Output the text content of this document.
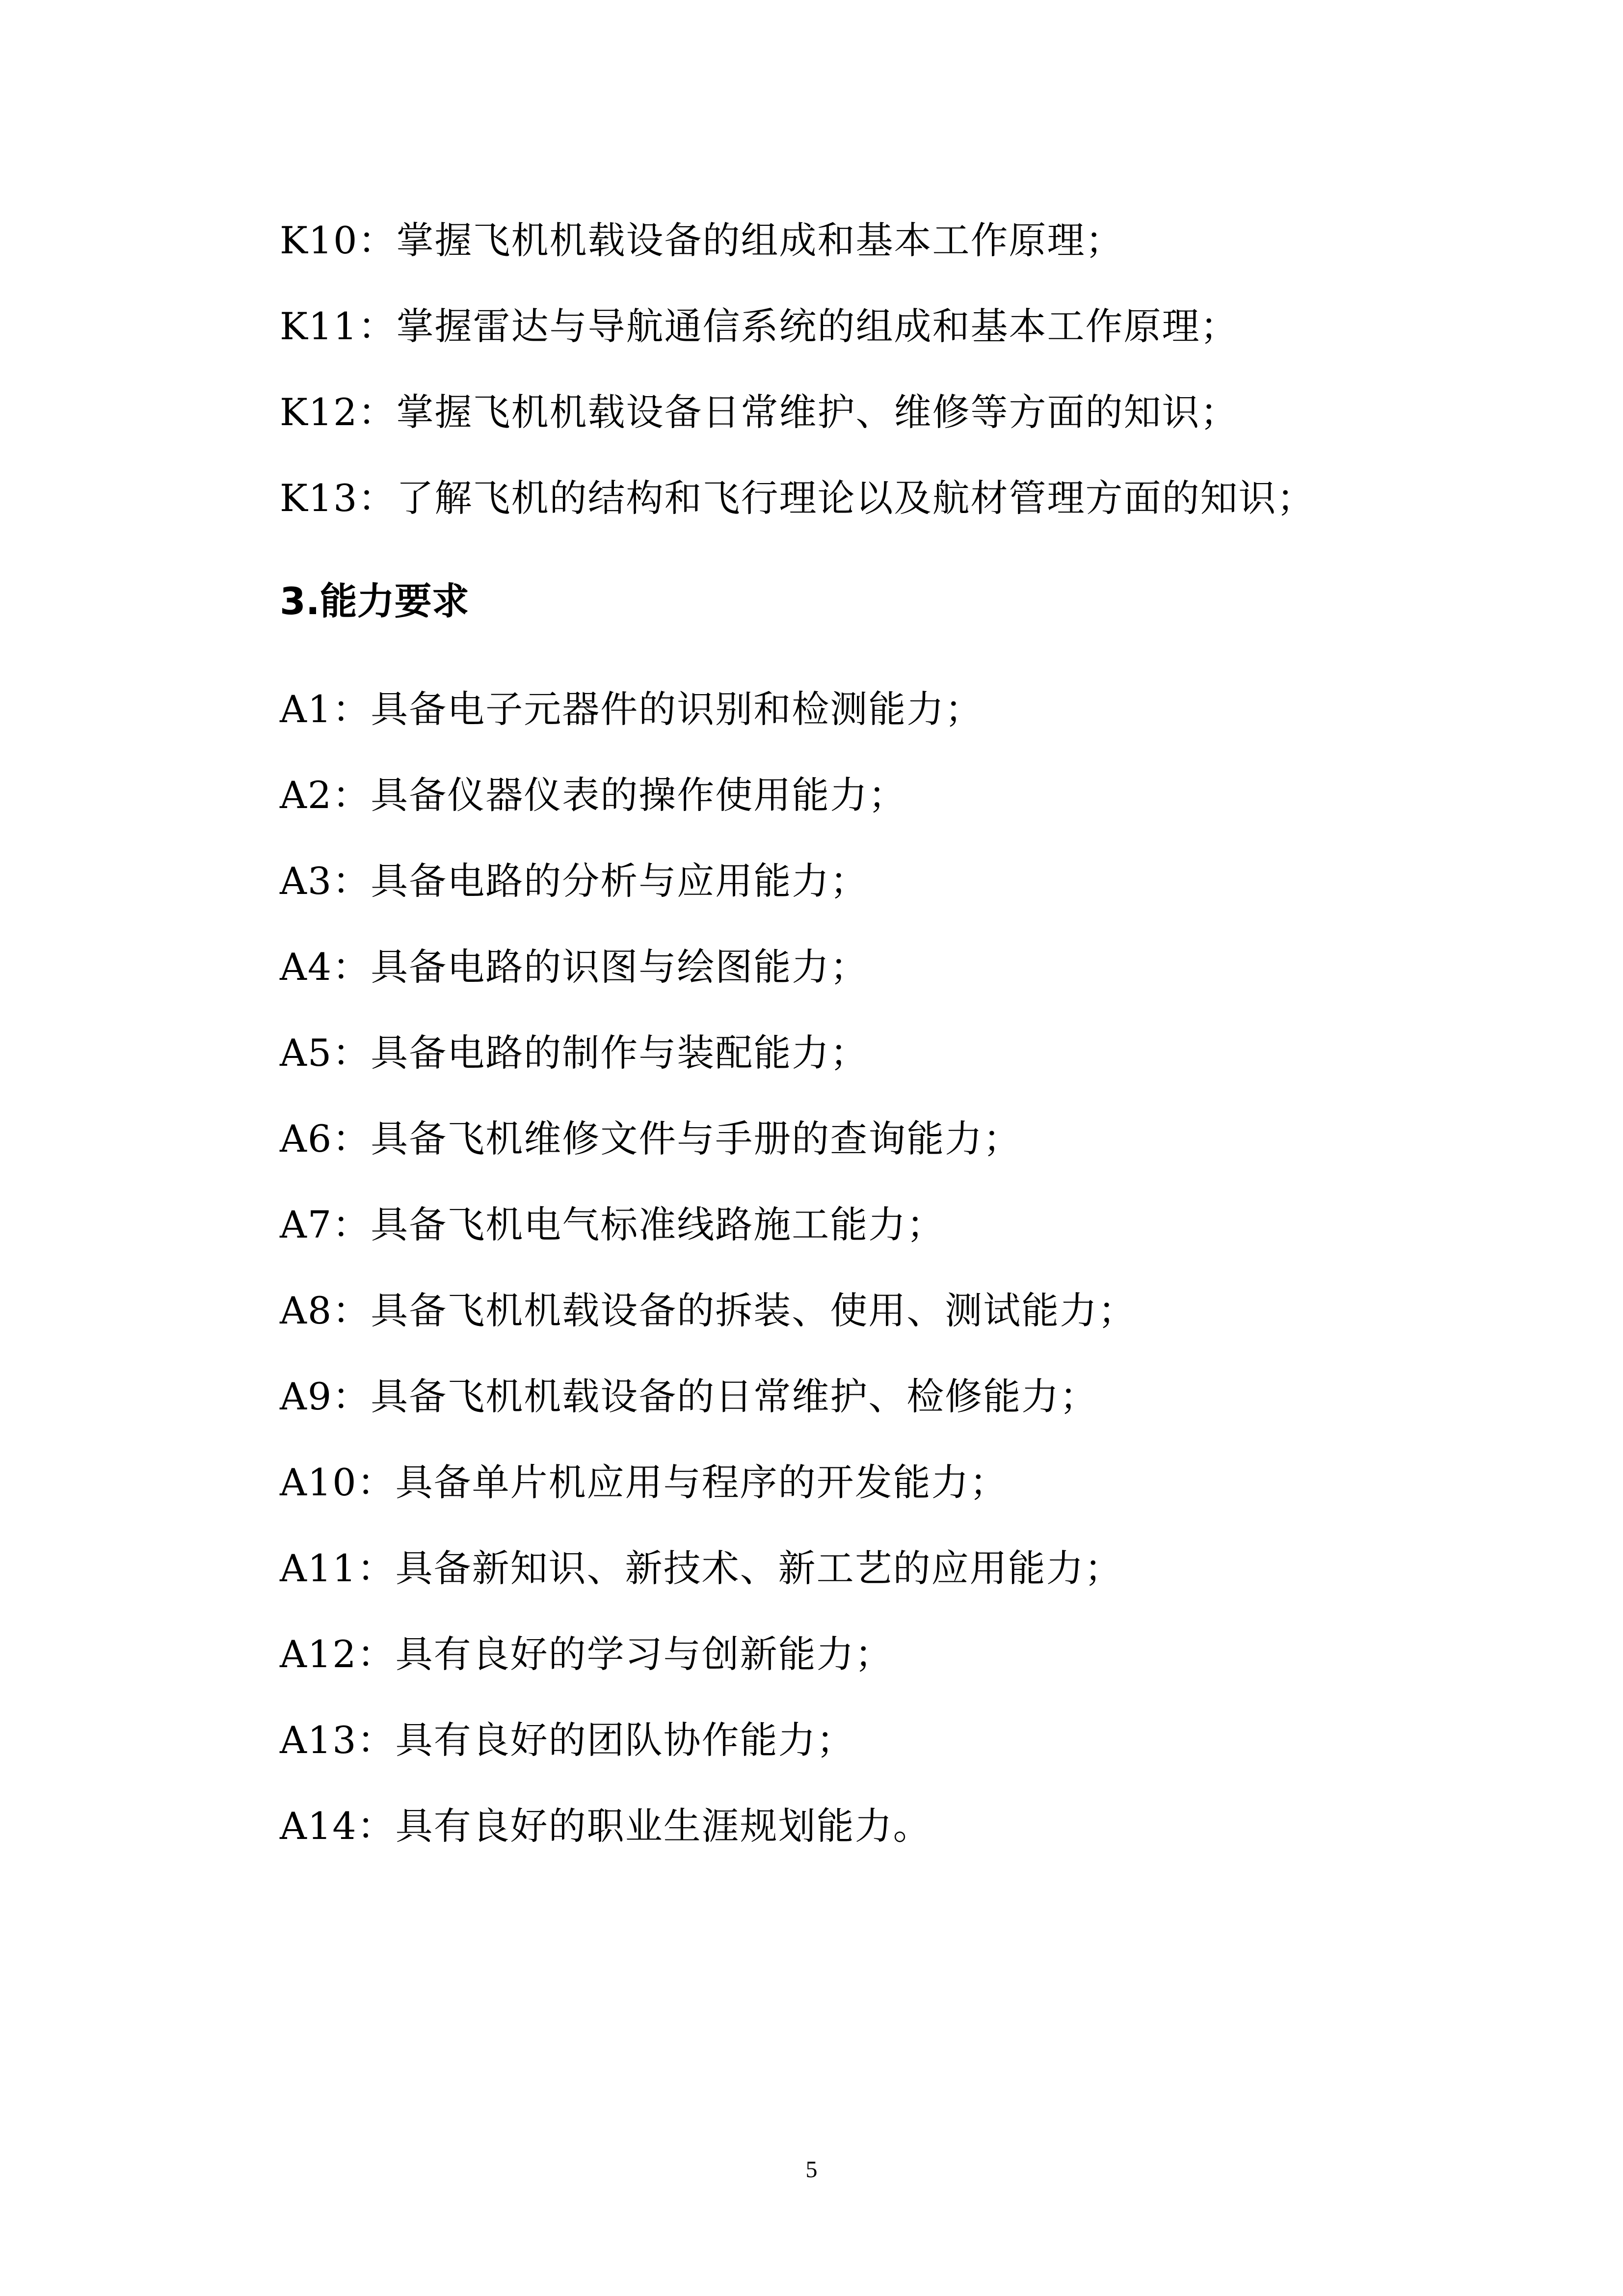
K10：掌握飞机机载设备的组成和基本工作原理；

K11：掌握雷达与导航通信系统的组成和基本工作原理；

K12：掌握飞机机载设备日常维护、维修等方面的知识；

K13：了解飞机的结构和飞行理论以及航材管理方面的知识；

3.能力要求

A1：具备电子元器件的识别和检测能力；

A2：具备仪器仪表的操作使用能力；

A3：具备电路的分析与应用能力；

A4：具备电路的识图与绘图能力；

A5：具备电路的制作与装配能力；

A6：具备飞机维修文件与手册的查询能力；

A7：具备飞机电气标准线路施工能力；

A8：具备飞机机载设备的拆装、使用、测试能力；

A9：具备飞机机载设备的日常维护、检修能力；

A10：具备单片机应用与程序的开发能力；

A11：具备新知识、新技术、新工艺的应用能力；

A12：具有良好的学习与创新能力；

A13：具有良好的团队协作能力；

A14：具有良好的职业生涯规划能力。

5
